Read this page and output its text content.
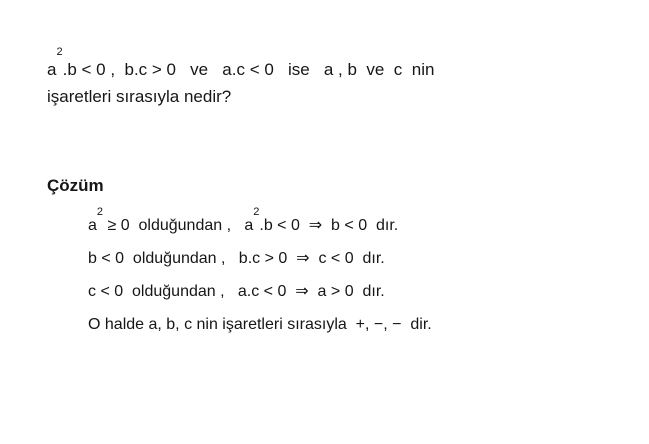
$a^2.b < 0$ ,  b.c > 0   ve   a.c < 0   ise   a , b  ve  c  nin

işaretleri sırasıyla nedir?

Çözüm
$a^2 \ge 0$  olduğundan ,   $a^2.b < 0$  ⇒  b < 0  dır.
b < 0  olduğundan ,   b.c > 0  ⇒  c < 0  dır.
c < 0  olduğundan ,   a.c < 0  ⇒  a > 0  dır.
O halde a, b, c nin işaretleri sırasıyla  +, −, −  dir.
